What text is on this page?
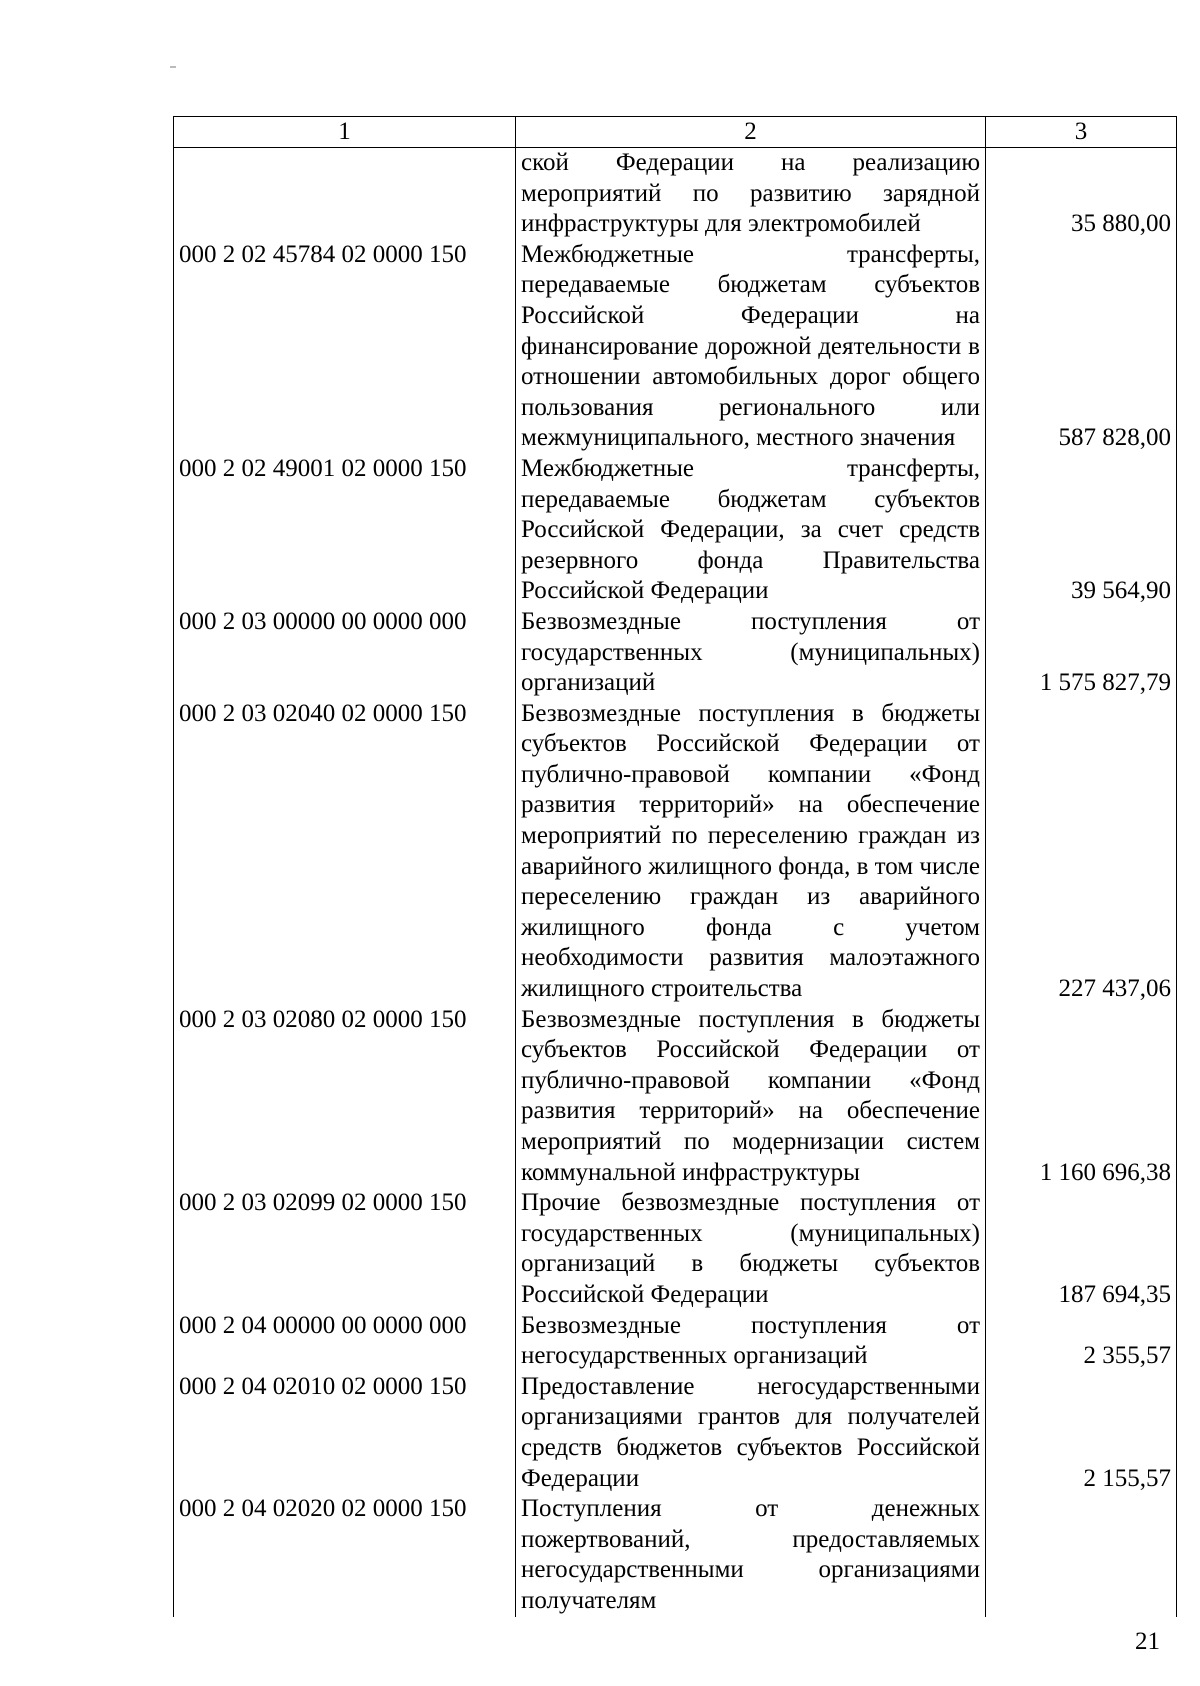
1	2	3
	ской Федерации на реализацию мероприятий по развитию зарядной инфраструктуры для электромобилей	35 880,00
000 2 02 45784 02 0000 150	Межбюджетные трансферты, передаваемые бюджетам субъектов Российской Федерации на финансирование дорожной деятельности в отношении автомобильных дорог общего пользования регионального или межмуниципального, местного значения	587 828,00
000 2 02 49001 02 0000 150	Межбюджетные трансферты, передаваемые бюджетам субъектов Российской Федерации, за счет средств резервного фонда Правительства Российской Федерации	39 564,90
000 2 03 00000 00 0000 000	Безвозмездные поступления от государственных (муниципальных) организаций	1 575 827,79
000 2 03 02040 02 0000 150	Безвозмездные поступления в бюджеты субъектов Российской Федерации от публично-правовой компании «Фонд развития территорий» на обеспечение мероприятий по переселению граждан из аварийного жилищного фонда, в том числе переселению граждан из аварийного жилищного фонда с учетом необходимости развития малоэтажного жилищного строительства	227 437,06
000 2 03 02080 02 0000 150	Безвозмездные поступления в бюджеты субъектов Российской Федерации от публично-правовой компании «Фонд развития территорий» на обеспечение мероприятий по модернизации систем коммунальной инфраструктуры	1 160 696,38
000 2 03 02099 02 0000 150	Прочие безвозмездные поступления от государственных (муниципальных) организаций в бюджеты субъектов Российской Федерации	187 694,35
000 2 04 00000 00 0000 000	Безвозмездные поступления от негосударственных организаций	2 355,57
000 2 04 02010 02 0000 150	Предоставление негосударственными организациями грантов для получателей средств бюджетов субъектов Российской Федерации	2 155,57
000 2 04 02020 02 0000 150	Поступления от денежных пожертвований, предоставляемых негосударственными организациями получателям	
21
